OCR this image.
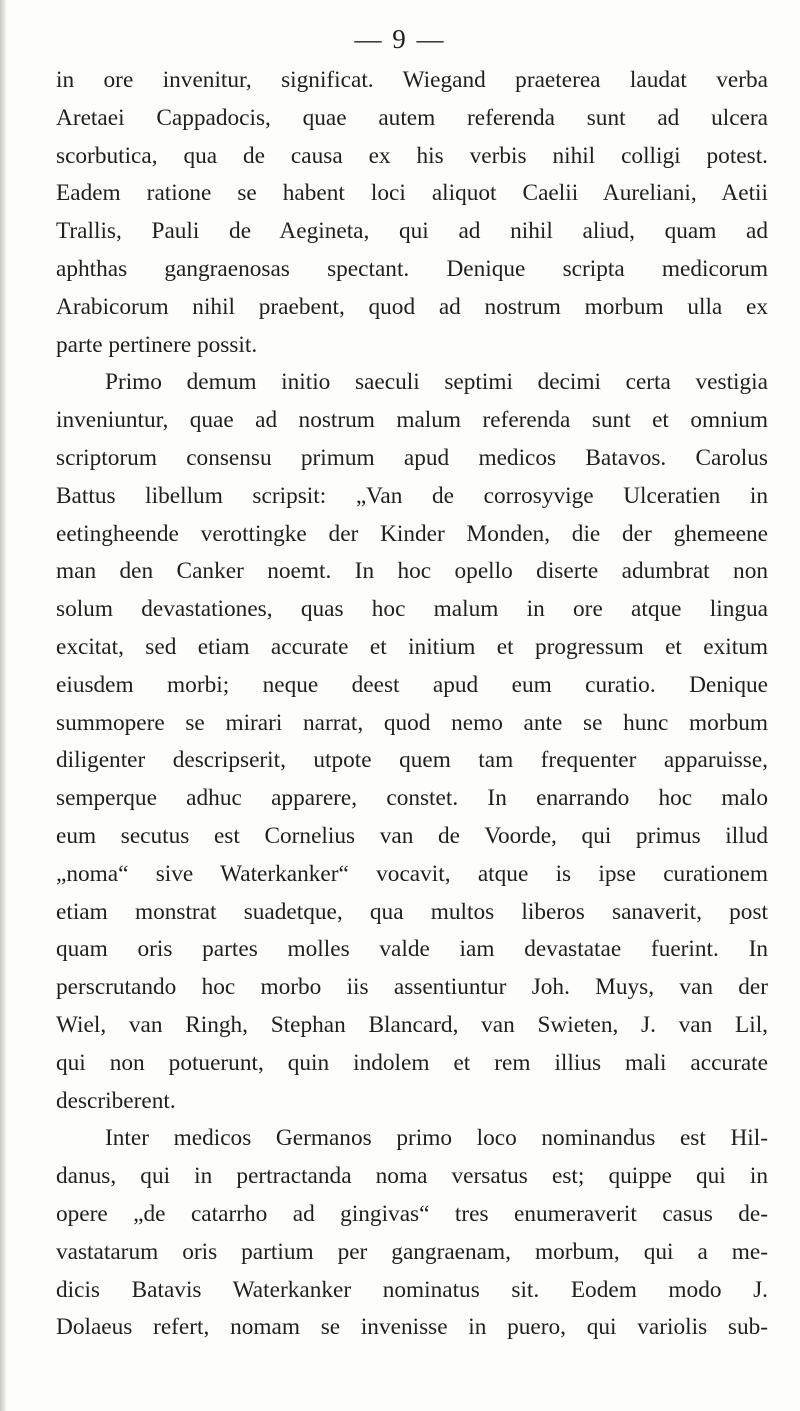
— 9 —
in ore invenitur, significat. Wiegand praeterea laudat verba
Aretaei Cappadocis, quae autem referenda sunt ad ulcera
scorbutica, qua de causa ex his verbis nihil colligi potest.
Eadem ratione se habent loci aliquot Caelii Aureliani, Aetii
Trallis, Pauli de Aegineta, qui ad nihil aliud, quam ad
aphthas gangraenosas spectant. Denique scripta medicorum
Arabicorum nihil praebent, quod ad nostrum morbum ulla ex
parte pertinere possit.
Primo demum initio saeculi septimi decimi certa vestigia
inveniuntur, quae ad nostrum malum referenda sunt et omnium
scriptorum consensu primum apud medicos Batavos. Carolus
Battus libellum scripsit: „Van de corrosyvige Ulceratien in
eetingheende verottingke der Kinder Monden, die der ghemeene
man den Canker noemt. In hoc opello diserte adumbrat non
solum devastationes, quas hoc malum in ore atque lingua
excitat, sed etiam accurate et initium et progressum et exitum
eiusdem morbi; neque deest apud eum curatio. Denique
summopere se mirari narrat, quod nemo ante se hunc morbum
diligenter descripserit, utpote quem tam frequenter apparuisse,
semperque adhuc apparere, constet. In enarrando hoc malo
eum secutus est Cornelius van de Voorde, qui primus illud
„noma“ sive Waterkanker“ vocavit, atque is ipse curationem
etiam monstrat suadetque, qua multos liberos sanaverit, post
quam oris partes molles valde iam devastatae fuerint. In
perscrutando hoc morbo iis assentiuntur Joh. Muys, van der
Wiel, van Ringh, Stephan Blancard, van Swieten, J. van Lil,
qui non potuerunt, quin indolem et rem illius mali accurate
describerent.
Inter medicos Germanos primo loco nominandus est Hil-
danus, qui in pertractanda noma versatus est; quippe qui in
opere „de catarrho ad gingivas“ tres enumeraverit casus de-
vastatarum oris partium per gangraenam, morbum, qui a me-
dicis Batavis Waterkanker nominatus sit. Eodem modo J.
Dolaeus refert, nomam se invenisse in puero, qui variolis sub-
